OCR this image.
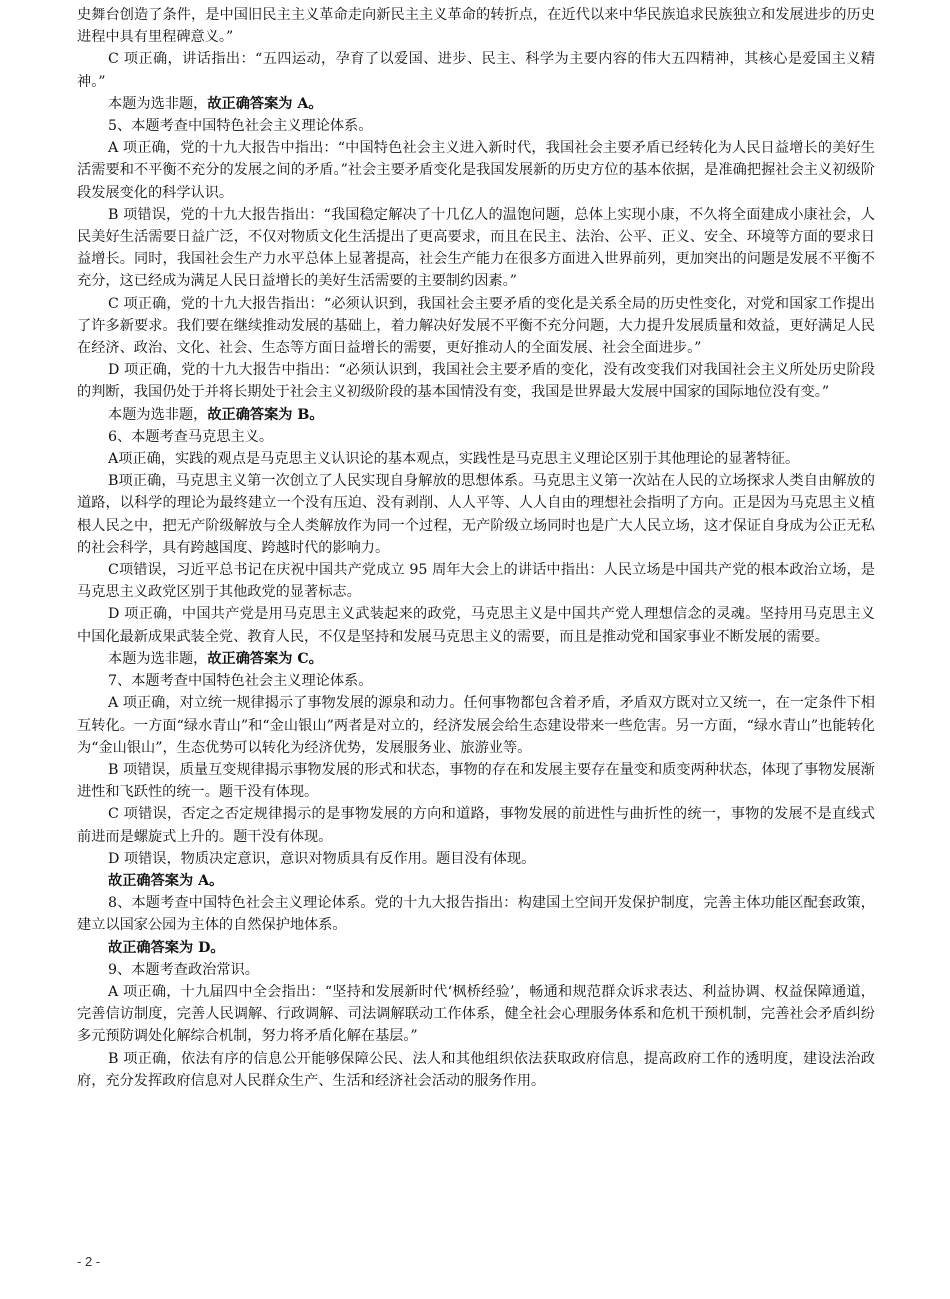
史舞台创造了条件，是中国旧民主主义革命走向新民主主义革命的转折点，在近代以来中华民族追求民族独立和发展进步的历史进程中具有里程碑意义。”

C 项正确，讲话指出：“五四运动，孕育了以爱国、进步、民主、科学为主要内容的伟大五四精神，其核心是爱国主义精神。”

本题为选非题，故正确答案为 A。

5、本题考查中国特色社会主义理论体系。

A 项正确，党的十九大报告中指出：“中国特色社会主义进入新时代，我国社会主要矛盾已经转化为人民日益增长的美好生活需要和不平衡不充分的发展之间的矛盾。”社会主要矛盾变化是我国发展新的历史方位的基本依据，是准确把握社会主义初级阶段发展变化的科学认识。

B 项错误，党的十九大报告指出：“我国稳定解决了十几亿人的温饱问题，总体上实现小康，不久将全面建成小康社会，人民美好生活需要日益广泛，不仅对物质文化生活提出了更高要求，而且在民主、法治、公平、正义、安全、环境等方面的要求日益增长。同时，我国社会生产力水平总体上显著提高，社会生产能力在很多方面进入世界前列，更加突出的问题是发展不平衡不充分，这已经成为满足人民日益增长的美好生活需要的主要制约因素。”

C 项正确，党的十九大报告指出：“必须认识到，我国社会主要矛盾的变化是关系全局的历史性变化，对党和国家工作提出了许多新要求。我们要在继续推动发展的基础上，着力解决好发展不平衡不充分问题，大力提升发展质量和效益，更好满足人民在经济、政治、文化、社会、生态等方面日益增长的需要，更好推动人的全面发展、社会全面进步。”

D 项正确，党的十九大报告中指出：“必须认识到，我国社会主要矛盾的变化，没有改变我们对我国社会主义所处历史阶段的判断，我国仍处于并将长期处于社会主义初级阶段的基本国情没有变，我国是世界最大发展中国家的国际地位没有变。”

本题为选非题，故正确答案为 B。

6、本题考查马克思主义。

A项正确，实践的观点是马克思主义认识论的基本观点，实践性是马克思主义理论区别于其他理论的显著特征。

B项正确，马克思主义第一次创立了人民实现自身解放的思想体系。马克思主义第一次站在人民的立场探求人类自由解放的道路，以科学的理论为最终建立一个没有压迫、没有剥削、人人平等、人人自由的理想社会指明了方向。正是因为马克思主义植根人民之中，把无产阶级解放与全人类解放作为同一个过程，无产阶级立场同时也是广大人民立场，这才保证自身成为公正无私的社会科学，具有跨越国度、跨越时代的影响力。

C项错误，习近平总书记在庆祝中国共产党成立 95 周年大会上的讲话中指出：人民立场是中国共产党的根本政治立场，是马克思主义政党区别于其他政党的显著标志。

D 项正确，中国共产党是用马克思主义武装起来的政党，马克思主义是中国共产党人理想信念的灵魂。坚持用马克思主义中国化最新成果武装全党、教育人民，不仅是坚持和发展马克思主义的需要，而且是推动党和国家事业不断发展的需要。

本题为选非题，故正确答案为 C。

7、本题考查中国特色社会主义理论体系。

A 项正确，对立统一规律揭示了事物发展的源泉和动力。任何事物都包含着矛盾，矛盾双方既对立又统一，在一定条件下相互转化。一方面“绿水青山”和“金山银山”两者是对立的，经济发展会给生态建设带来一些危害。另一方面，“绿水青山”也能转化为“金山银山”，生态优势可以转化为经济优势，发展服务业、旅游业等。

B 项错误，质量互变规律揭示事物发展的形式和状态，事物的存在和发展主要存在量变和质变两种状态，体现了事物发展渐进性和飞跃性的统一。题干没有体现。

C 项错误，否定之否定规律揭示的是事物发展的方向和道路，事物发展的前进性与曲折性的统一，事物的发展不是直线式前进而是螺旋式上升的。题干没有体现。

D 项错误，物质决定意识，意识对物质具有反作用。题目没有体现。

故正确答案为 A。

8、本题考查中国特色社会主义理论体系。党的十九大报告指出：构建国土空间开发保护制度，完善主体功能区配套政策，建立以国家公园为主体的自然保护地体系。

故正确答案为 D。

9、本题考查政治常识。

A 项正确，十九届四中全会指出：“坚持和发展新时代‘枫桥经验’，畅通和规范群众诉求表达、利益协调、权益保障通道，完善信访制度，完善人民调解、行政调解、司法调解联动工作体系，健全社会心理服务体系和危机干预机制，完善社会矛盾纠纷多元预防调处化解综合机制，努力将矛盾化解在基层。”

B 项正确，依法有序的信息公开能够保障公民、法人和其他组织依法获取政府信息，提高政府工作的透明度，建设法治政府，充分发挥政府信息对人民群众生产、生活和经济社会活动的服务作用。

- 2 -
